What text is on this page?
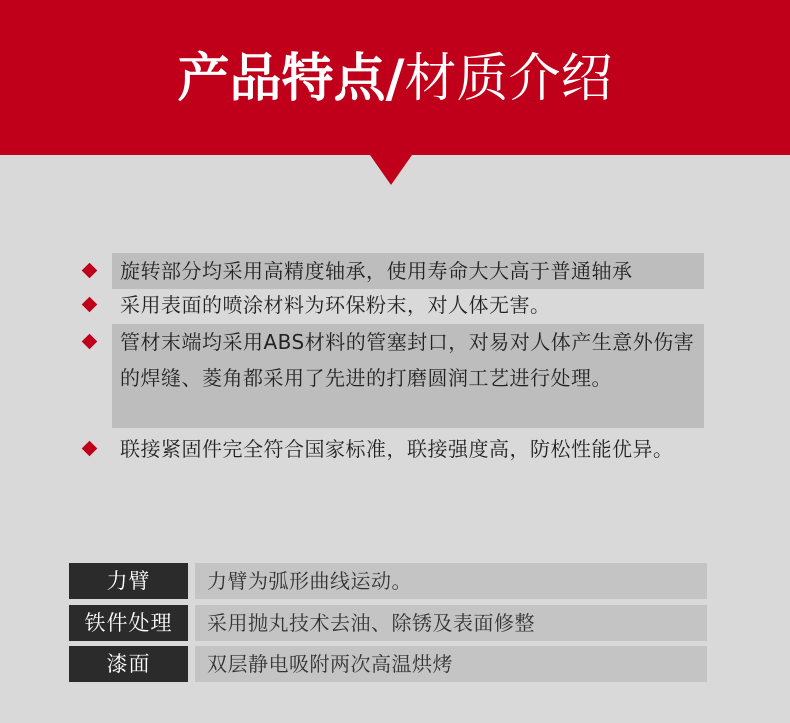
产品特点/材质介绍
旋转部分均采用高精度轴承，使用寿命大大高于普通轴承
采用表面的喷涂材料为环保粉末，对人体无害。
管材末端均采用ABS材料的管塞封口，对易对人体产生意外伤害的焊缝、菱角都采用了先进的打磨圆润工艺进行处理。
联接紧固件完全符合国家标准，联接强度高，防松性能优异。
力臂	力臂为弧形曲线运动。
铁件处理	采用抛丸技术去油、除锈及表面修整
漆面	双层静电吸附两次高温烘烤
